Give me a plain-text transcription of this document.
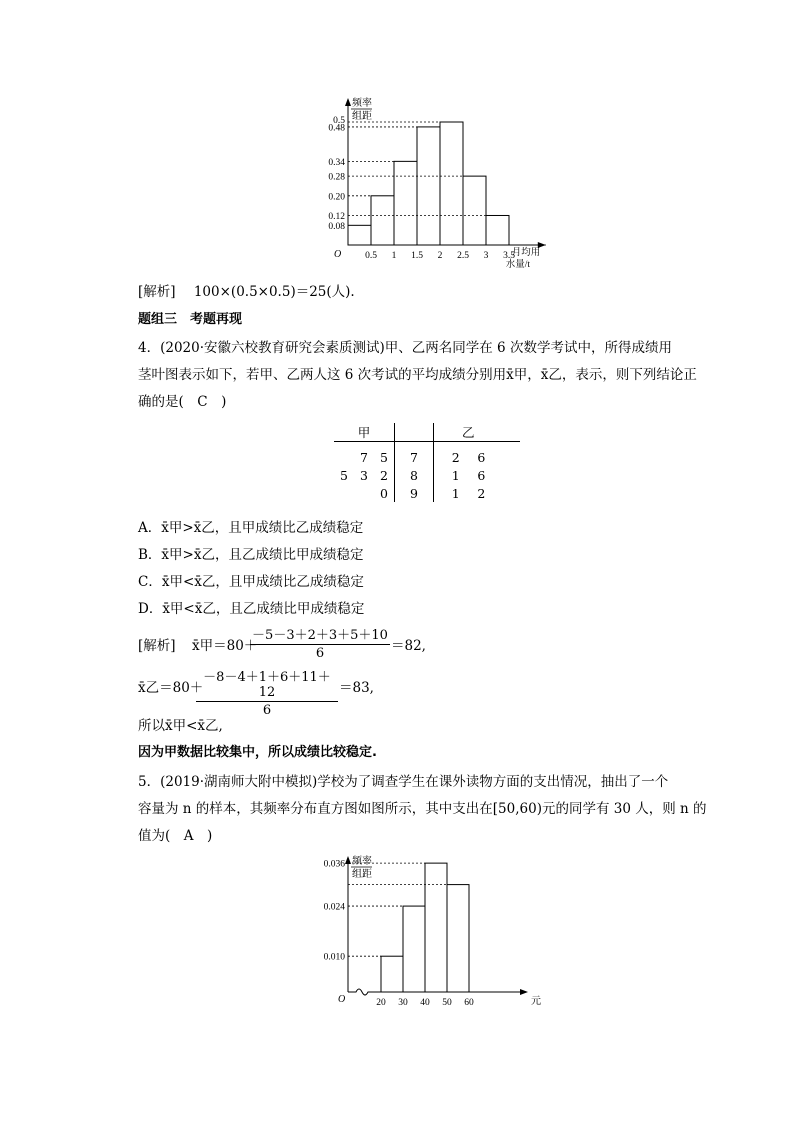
频率
组距
O	月均用
水量/t
0.5
0.48
0.34
0.28
0.20
0.12
0.08
0.5 1 1.5 2 2.5 3 3.5
[解析] 100×(0.5×0.5)＝25(人).
题组三　考题再现
4．(2020·安徽六校教育研究会素质测试)甲、乙两名同学在 6 次数学考试中，所得成绩用
茎叶图表示如下，若甲、乙两人这 6 次考试的平均成绩分别用x̄甲，x̄乙，表示，则下列结论正
确的是(　C　)
甲				乙	

	7	5	7	2	6
5	3	2	8	1	6
		0	9	1	2
A．x̄甲>x̄乙，且甲成绩比乙成绩稳定
B．x̄甲>x̄乙，且乙成绩比甲成绩稳定
C．x̄甲<x̄乙，且甲成绩比乙成绩稳定
D．x̄甲<x̄乙，且乙成绩比甲成绩稳定
[解析] x̄甲＝80＋
$\frac{-5-3+2+3+5+10}{6} =82$,
x̄乙＝80＋
$\frac{-8-4+1+6+11+12}{6} =83$,
所以x̄甲<x̄乙,
因为甲数据比较集中，所以成绩比较稳定.
5．(2019·湖南师大附中模拟)学校为了调查学生在课外读物方面的支出情况，抽出了一个
容量为 n 的样本，其频率分布直方图如图所示，其中支出在[50,60)元的同学有 30 人，则 n 的
值为(　A　)
元
频率
组距
O
0.036
0.024
0.010
20 30 40 50 60
